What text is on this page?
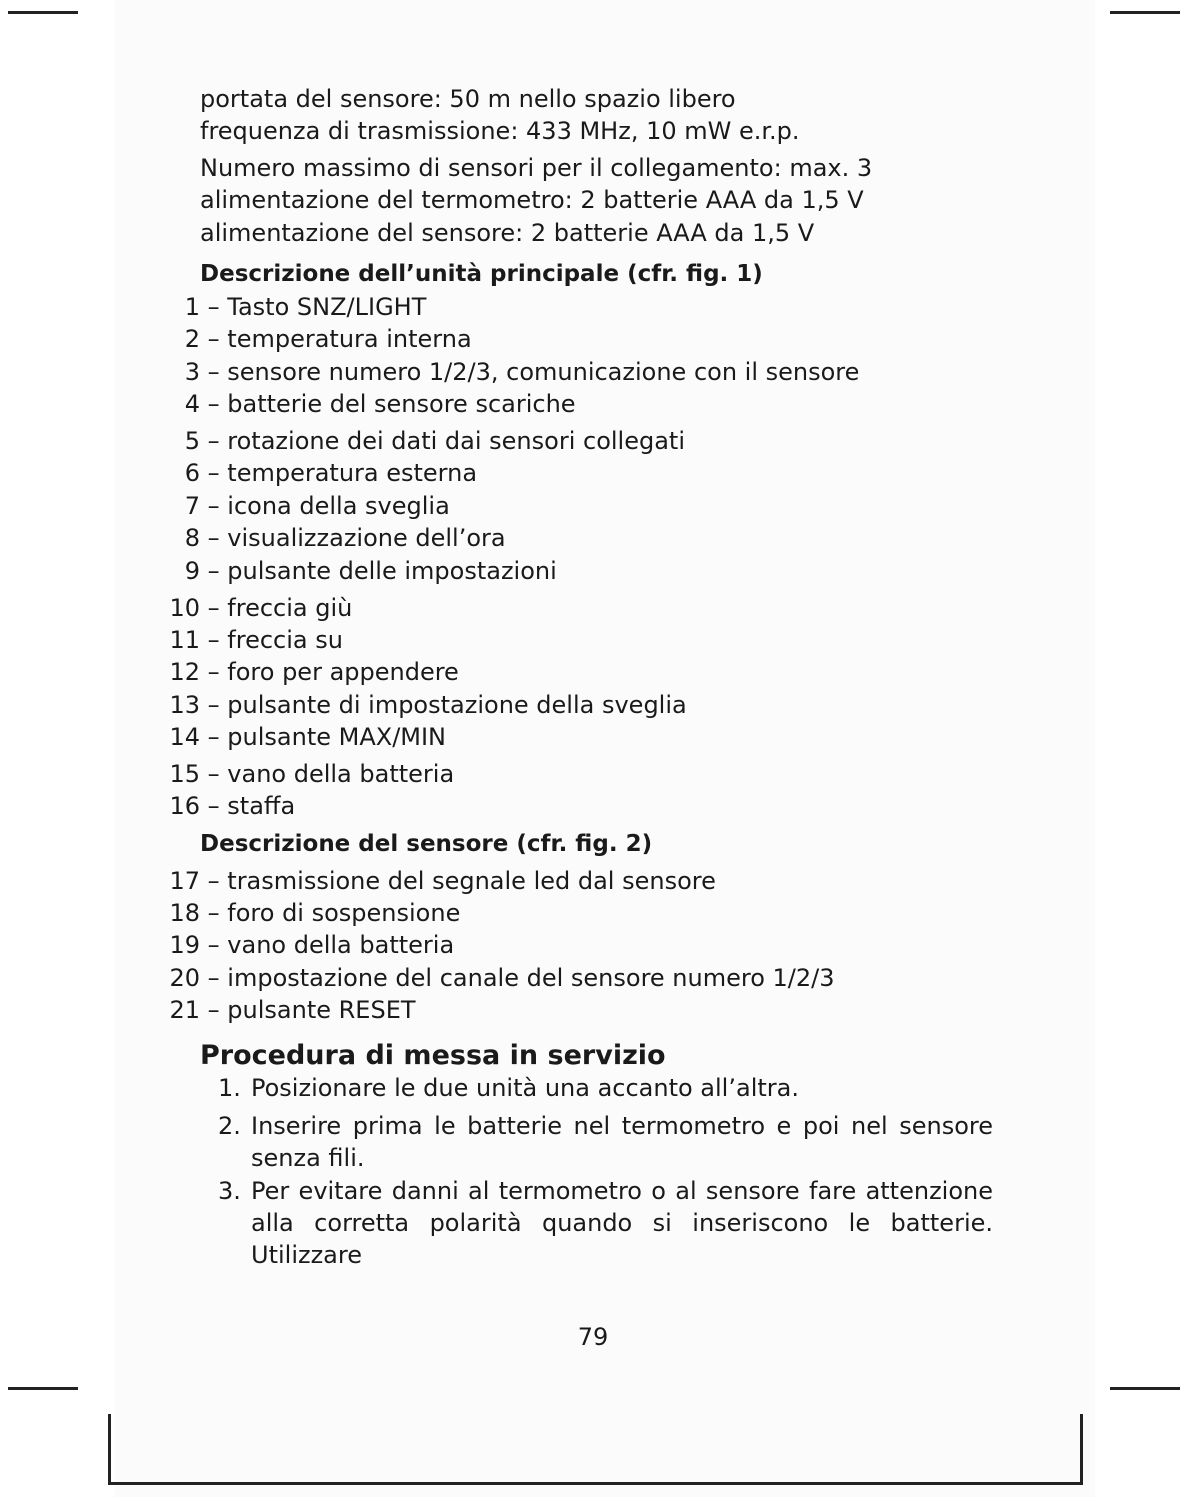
portata del sensore: 50 m nello spazio libero
frequenza di trasmissione: 433 MHz, 10 mW e.r.p.
Numero massimo di sensori per il collegamento: max. 3
alimentazione del termometro: 2 batterie AAA da 1,5 V
alimentazione del sensore: 2 batterie AAA da 1,5 V
Descrizione dell’unità principale (cfr. fig. 1)
1 – Tasto SNZ/LIGHT
2 – temperatura interna
3 – sensore numero 1/2/3, comunicazione con il sensore
4 – batterie del sensore scariche
5 – rotazione dei dati dai sensori collegati
6 – temperatura esterna
7 – icona della sveglia
8 – visualizzazione dell’ora
9 – pulsante delle impostazioni
10 – freccia giù
11 – freccia su
12 – foro per appendere
13 – pulsante di impostazione della sveglia
14 – pulsante MAX/MIN
15 – vano della batteria
16 – staffa
Descrizione del sensore (cfr. fig. 2)
17 – trasmissione del segnale led dal sensore
18 – foro di sospensione
19 – vano della batteria
20 – impostazione del canale del sensore numero 1/2/3
21 – pulsante RESET
Procedura di messa in servizio
1. Posizionare le due unità una accanto all’altra.
2. Inserire prima le batterie nel termometro e poi nel sensore senza fili.
3. Per evitare danni al termometro o al sensore fare attenzione alla corretta polarità quando si inseriscono le batterie. Utilizzare
79
